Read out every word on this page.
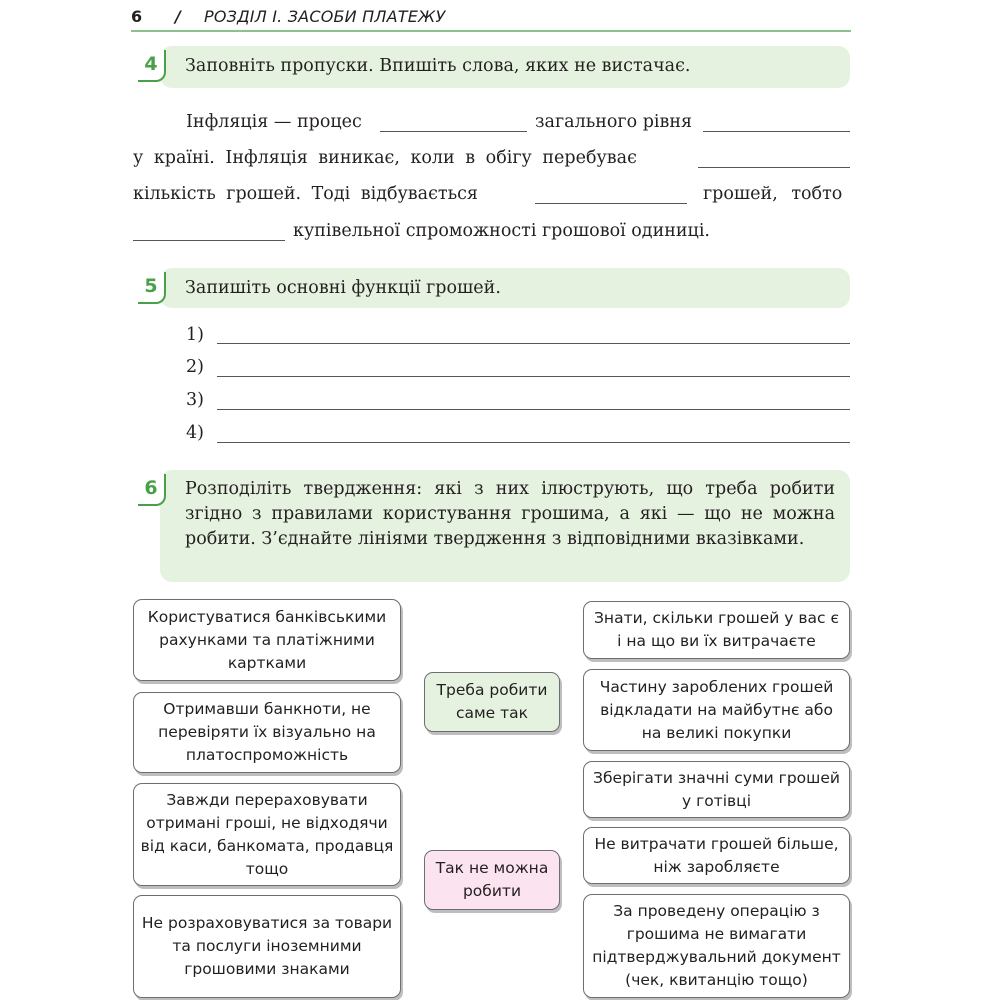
6 / РОЗДІЛ І. ЗАСОБИ ПЛАТЕЖУ
4	Заповніть пропуски. Впишіть слова, яких не вистачає.
Інфляція — процес	загального рівня
у країні. Інфляція виникає, коли в обігу перебуває
кількість грошей. Тоді відбувається	грошей, тобто
купівельної спроможності грошової одиниці.
5	Запишіть основні функції грошей.
1)
2)
3)
4)
6	Розподіліть твердження: які з них ілюструють, що треба робити згідно з правилами користування грошима, а які — що не можна робити. З’єднайте лініями твердження з відповідними вказівками.
Користуватися банківськими рахунками та платіжними картками
Отримавши банкноти, не перевіряти їх візуально на платоспроможність
Завжди перераховувати отримані гроші, не відходячи від каси, банкомата, продавця тощо
Не розраховуватися за товари та послуги іноземними грошовими знаками
Треба робити саме так
Так не можна робити
Знати, скільки грошей у вас є і на що ви їх витрачаєте
Частину зароблених грошей відкладати на майбутнє або на великі покупки
Зберігати значні суми грошей у готівці
Не витрачати грошей більше, ніж заробляєте
За проведену операцію з грошима не вимагати підтверджувальний документ (чек, квитанцію тощо)
